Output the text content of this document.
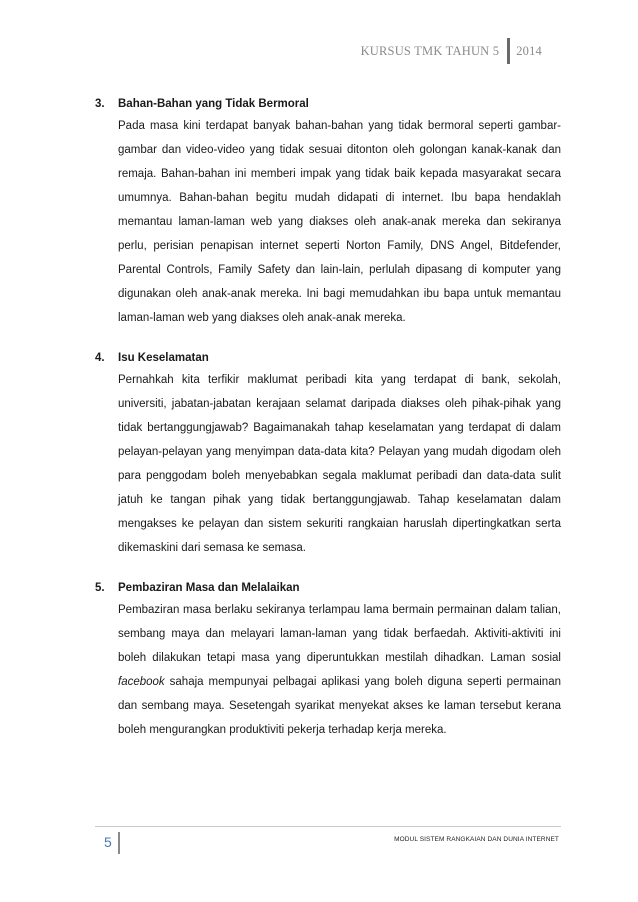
KURSUS TMK TAHUN 5 2014
3.	Bahan-Bahan yang Tidak Bermoral
Pada masa kini terdapat banyak bahan-bahan yang tidak bermoral seperti gambar-gambar dan video-video yang tidak sesuai ditonton oleh golongan kanak-kanak dan remaja. Bahan-bahan ini memberi impak yang tidak baik kepada masyarakat secara umumnya. Bahan-bahan begitu mudah didapati di internet. Ibu bapa hendaklah memantau laman-laman web yang diakses oleh anak-anak mereka dan sekiranya perlu, perisian penapisan internet seperti Norton Family, DNS Angel, Bitdefender, Parental Controls, Family Safety dan lain-lain, perlulah dipasang di komputer yang digunakan oleh anak-anak mereka. Ini bagi memudahkan ibu bapa untuk memantau laman-laman web yang diakses oleh anak-anak mereka.
4.	Isu Keselamatan
Pernahkah kita terfikir maklumat peribadi kita yang terdapat di bank, sekolah, universiti, jabatan-jabatan kerajaan selamat daripada diakses oleh pihak-pihak yang tidak bertanggungjawab? Bagaimanakah tahap keselamatan yang terdapat di dalam pelayan-pelayan yang menyimpan data-data kita? Pelayan yang mudah digodam oleh para penggodam boleh menyebabkan segala maklumat peribadi dan data-data sulit jatuh ke tangan pihak yang tidak bertanggungjawab. Tahap keselamatan dalam mengakses ke pelayan dan sistem sekuriti rangkaian haruslah dipertingkatkan serta dikemaskini dari semasa ke semasa.
5.	Pembaziran Masa dan Melalaikan
Pembaziran masa berlaku sekiranya terlampau lama bermain permainan dalam talian, sembang maya dan melayari laman-laman yang tidak berfaedah. Aktiviti-aktiviti ini boleh dilakukan tetapi masa yang diperuntukkan mestilah dihadkan. Laman sosial facebook sahaja mempunyai pelbagai aplikasi yang boleh diguna seperti permainan dan sembang maya. Sesetengah syarikat menyekat akses ke laman tersebut kerana boleh mengurangkan produktiviti pekerja terhadap kerja mereka.
5	MODUL SISTEM RANGKAIAN DAN DUNIA INTERNET
